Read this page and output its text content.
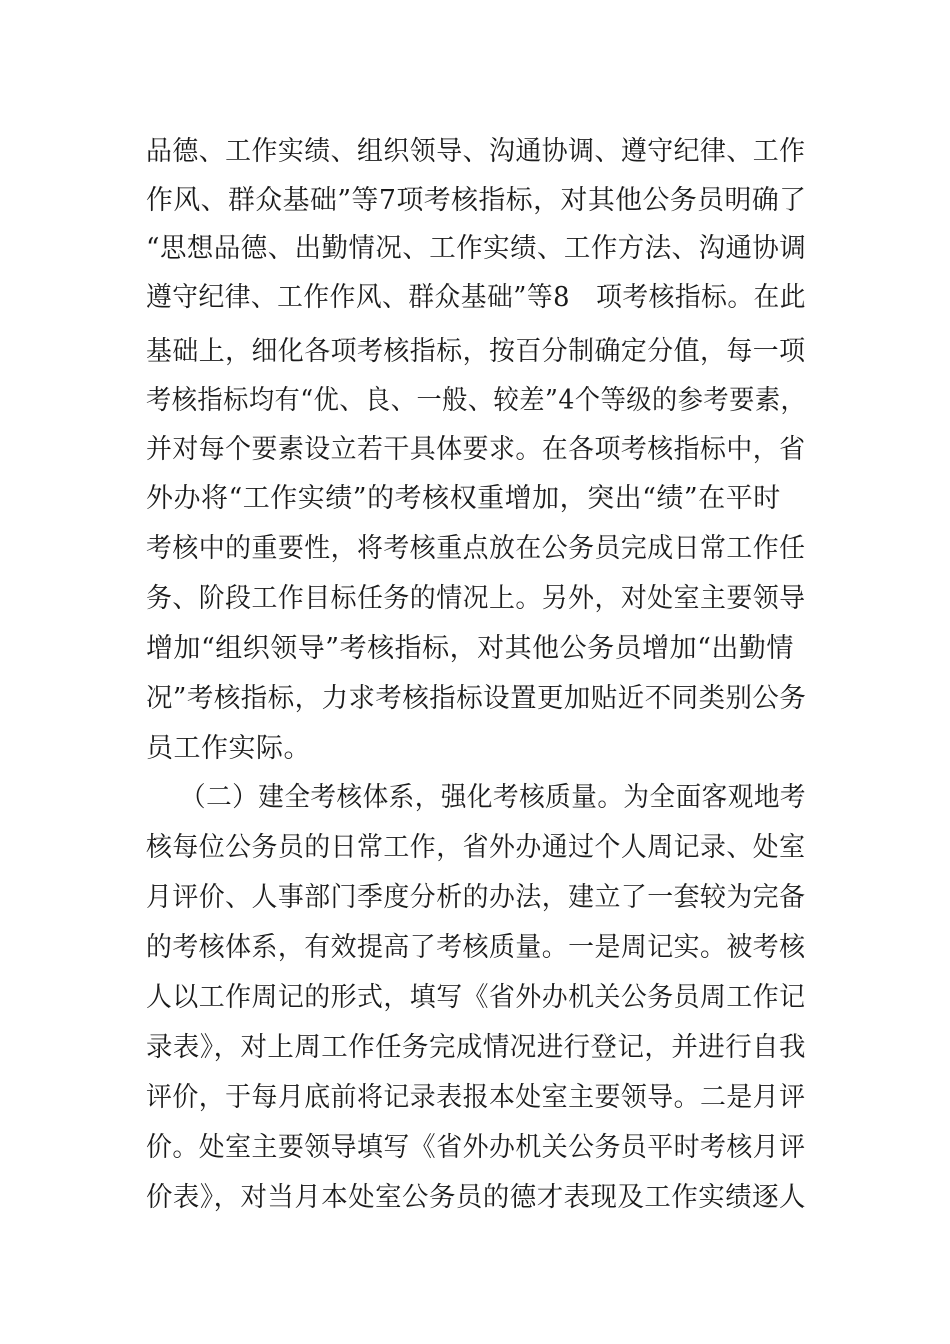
品德、工作实绩、组织领导、沟通协调、遵守纪律、工作
作风、群众基础”等7项考核指标，对其他公务员明确了
“思想品德、出勤情况、工作实绩、工作方法、沟通协调
遵守纪律、工作作风、群众基础”等8　项考核指标。在此
基础上，细化各项考核指标，按百分制确定分值，每一项
考核指标均有“优、良、一般、较差”4个等级的参考要素，
并对每个要素设立若干具体要求。在各项考核指标中，省
外办将“工作实绩”的考核权重增加，突出“绩”在平时
考核中的重要性，将考核重点放在公务员完成日常工作任
务、阶段工作目标任务的情况上。另外，对处室主要领导
增加“组织领导”考核指标，对其他公务员增加“出勤情
况”考核指标，力求考核指标设置更加贴近不同类别公务
员工作实际。
（二）建全考核体系，强化考核质量。为全面客观地考
核每位公务员的日常工作，省外办通过个人周记录、处室
月评价、人事部门季度分析的办法，建立了一套较为完备
的考核体系，有效提高了考核质量。一是周记实。被考核
人以工作周记的形式，填写《省外办机关公务员周工作记
录表》，对上周工作任务完成情况进行登记，并进行自我
评价，于每月底前将记录表报本处室主要领导。二是月评
价。处室主要领导填写《省外办机关公务员平时考核月评
价表》，对当月本处室公务员的德才表现及工作实绩逐人
